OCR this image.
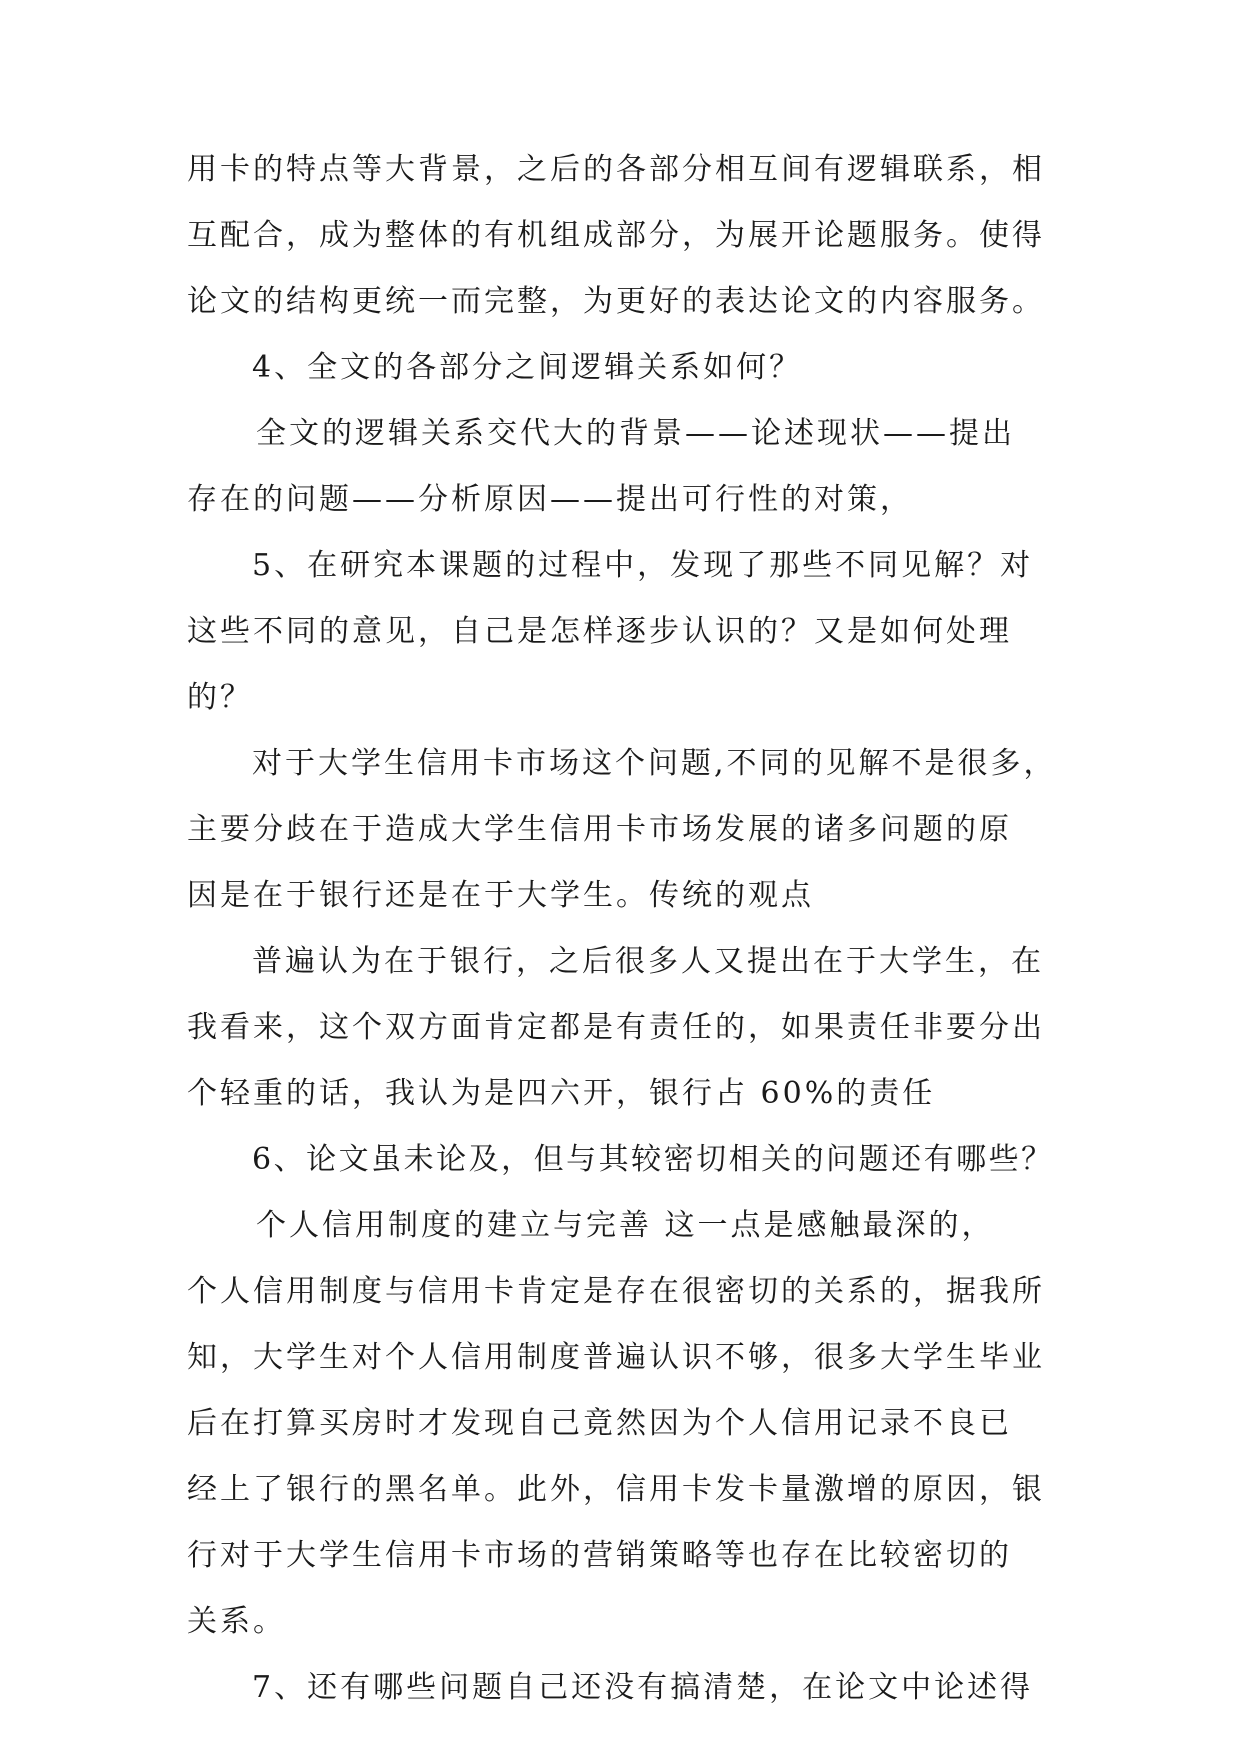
用卡的特点等大背景，之后的各部分相互间有逻辑联系，相
互配合，成为整体的有机组成部分，为展开论题服务。使得
论文的结构更统一而完整，为更好的表达论文的内容服务。
4、全文的各部分之间逻辑关系如何？
全文的逻辑关系交代大的背景——论述现状——提出
存在的问题——分析原因——提出可行性的对策，
5、在研究本课题的过程中，发现了那些不同见解？对
这些不同的意见，自己是怎样逐步认识的？又是如何处理
的？
对于大学生信用卡市场这个问题,不同的见解不是很多，
主要分歧在于造成大学生信用卡市场发展的诸多问题的原
因是在于银行还是在于大学生。传统的观点
普遍认为在于银行，之后很多人又提出在于大学生，在
我看来，这个双方面肯定都是有责任的，如果责任非要分出
个轻重的话，我认为是四六开，银行占 60%的责任
6、论文虽未论及，但与其较密切相关的问题还有哪些？
个人信用制度的建立与完善 这一点是感触最深的，
个人信用制度与信用卡肯定是存在很密切的关系的，据我所
知，大学生对个人信用制度普遍认识不够，很多大学生毕业
后在打算买房时才发现自己竟然因为个人信用记录不良已
经上了银行的黑名单。此外，信用卡发卡量激增的原因，银
行对于大学生信用卡市场的营销策略等也存在比较密切的
关系。
7、还有哪些问题自己还没有搞清楚，在论文中论述得
